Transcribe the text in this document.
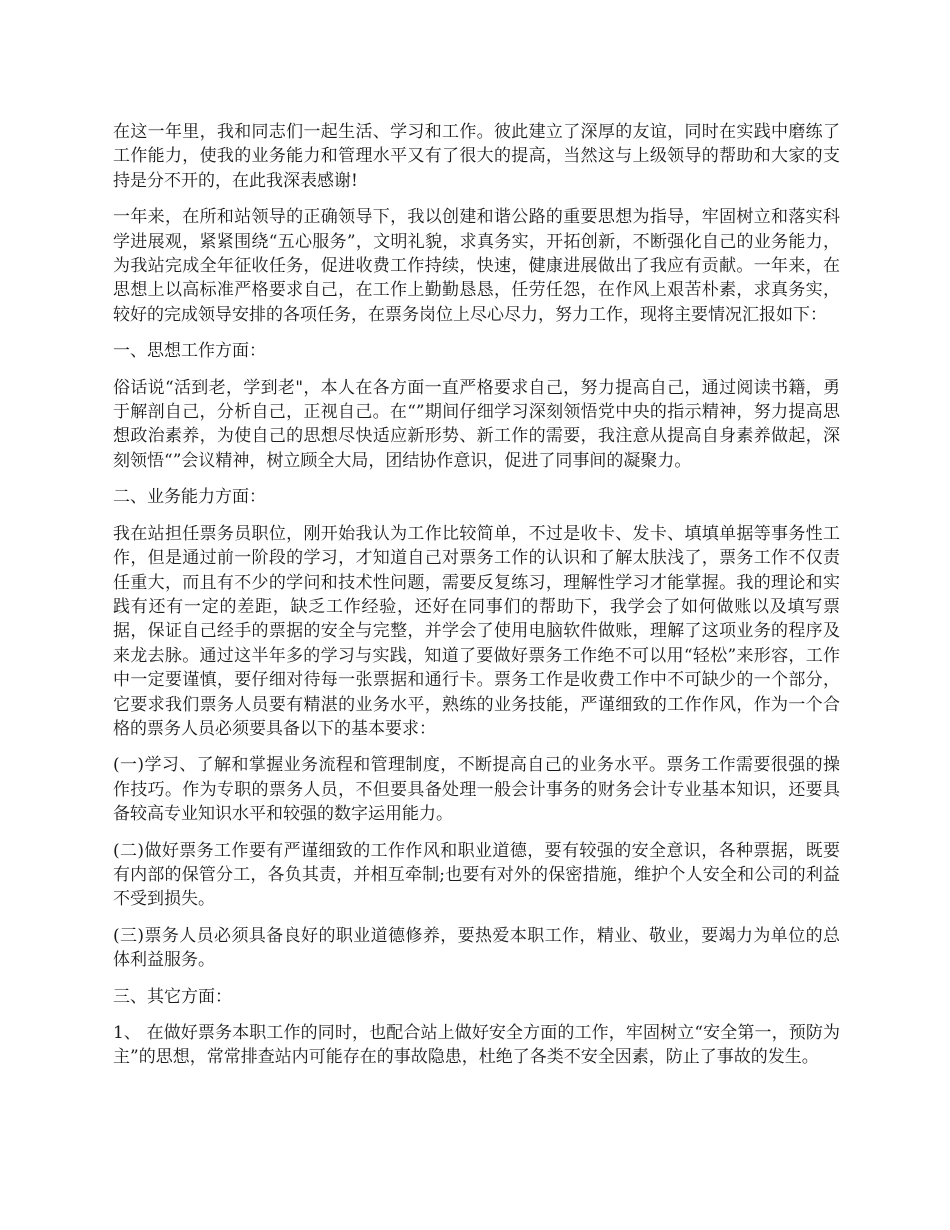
在这一年里，我和同志们一起生活、学习和工作。彼此建立了深厚的友谊，同时在实践中磨练了工作能力，使我的业务能力和管理水平又有了很大的提高，当然这与上级领导的帮助和大家的支持是分不开的，在此我深表感谢!

一年来，在所和站领导的正确领导下，我以创建和谐公路的重要思想为指导，牢固树立和落实科学进展观，紧紧围绕“五心服务”，文明礼貌，求真务实，开拓创新，不断强化自己的业务能力，为我站完成全年征收任务，促进收费工作持续，快速，健康进展做出了我应有贡献。一年来，在思想上以高标准严格要求自己，在工作上勤勤恳恳，任劳任怨，在作风上艰苦朴素，求真务实，较好的完成领导安排的各项任务，在票务岗位上尽心尽力，努力工作，现将主要情况汇报如下：

一、思想工作方面：

俗话说“活到老，学到老"，本人在各方面一直严格要求自己，努力提高自己，通过阅读书籍，勇于解剖自己，分析自己，正视自己。在“”期间仔细学习深刻领悟党中央的指示精神，努力提高思想政治素养，为使自己的思想尽快适应新形势、新工作的需要，我注意从提高自身素养做起，深刻领悟“”会议精神，树立顾全大局，团结协作意识，促进了同事间的凝聚力。

二、业务能力方面：

我在站担任票务员职位，刚开始我认为工作比较简单，不过是收卡、发卡、填填单据等事务性工作，但是通过前一阶段的学习，才知道自己对票务工作的认识和了解太肤浅了，票务工作不仅责任重大，而且有不少的学问和技术性问题，需要反复练习，理解性学习才能掌握。我的理论和实践有还有一定的差距，缺乏工作经验，还好在同事们的帮助下，我学会了如何做账以及填写票据，保证自己经手的票据的安全与完整，并学会了使用电脑软件做账，理解了这项业务的程序及来龙去脉。通过这半年多的学习与实践，知道了要做好票务工作绝不可以用“轻松”来形容，工作中一定要谨慎，要仔细对待每一张票据和通行卡。票务工作是收费工作中不可缺少的一个部分，它要求我们票务人员要有精湛的业务水平，熟练的业务技能，严谨细致的工作作风，作为一个合格的票务人员必须要具备以下的基本要求：

(一)学习、了解和掌握业务流程和管理制度，不断提高自己的业务水平。票务工作需要很强的操作技巧。作为专职的票务人员，不但要具备处理一般会计事务的财务会计专业基本知识，还要具备较高专业知识水平和较强的数字运用能力。

(二)做好票务工作要有严谨细致的工作作风和职业道德，要有较强的安全意识，各种票据，既要有内部的保管分工，各负其责，并相互牵制;也要有对外的保密措施，维护个人安全和公司的利益不受到损失。

(三)票务人员必须具备良好的职业道德修养，要热爱本职工作，精业、敬业，要竭力为单位的总体利益服务。

三、其它方面：

1、 在做好票务本职工作的同时，也配合站上做好安全方面的工作，牢固树立“安全第一，预防为主”的思想，常常排查站内可能存在的事故隐患，杜绝了各类不安全因素，防止了事故的发生。
